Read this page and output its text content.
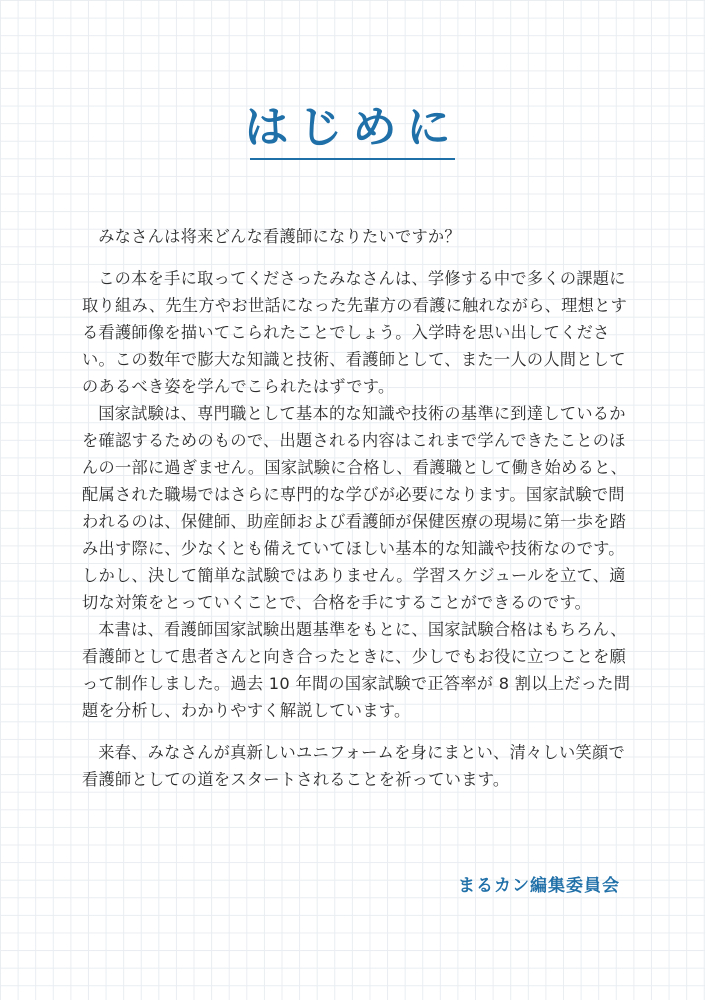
はじめに

みなさんは将来どんな看護師になりたいですか？

この本を手に取ってくださったみなさんは、学修する中で多くの課題に取り組み、先生方やお世話になった先輩方の看護に触れながら、理想とする看護師像を描いてこられたことでしょう。入学時を思い出してください。この数年で膨大な知識と技術、看護師として、また一人の人間としてのあるべき姿を学んでこられたはずです。

国家試験は、専門職として基本的な知識や技術の基準に到達しているかを確認するためのもので、出題される内容はこれまで学んできたことのほんの一部に過ぎません。国家試験に合格し、看護職として働き始めると、配属された職場ではさらに専門的な学びが必要になります。国家試験で問われるのは、保健師、助産師および看護師が保健医療の現場に第一歩を踏み出す際に、少なくとも備えていてほしい基本的な知識や技術なのです。しかし、決して簡単な試験ではありません。学習スケジュールを立て、適切な対策をとっていくことで、合格を手にすることができるのです。

本書は、看護師国家試験出題基準をもとに、国家試験合格はもちろん、看護師として患者さんと向き合ったときに、少しでもお役に立つことを願って制作しました。過去 10 年間の国家試験で正答率が 8 割以上だった問題を分析し、わかりやすく解説しています。

来春、みなさんが真新しいユニフォームを身にまとい、清々しい笑顔で看護師としての道をスタートされることを祈っています。

まるカン編集委員会
